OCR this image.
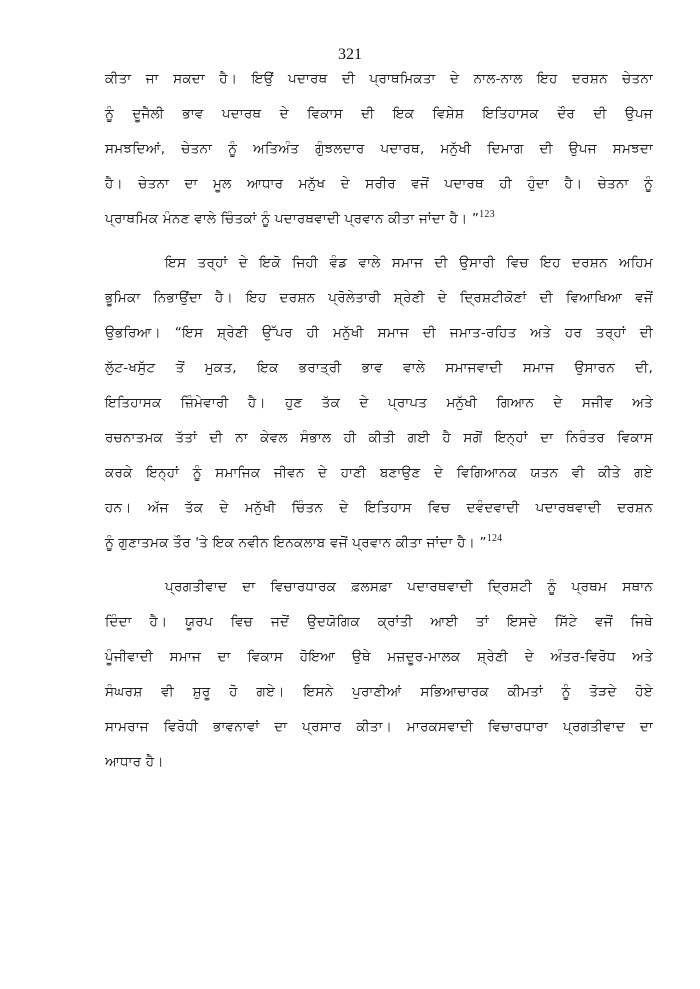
321
ਕੀਤਾ ਜਾ ਸਕਦਾ ਹੈ। ਇਉਂ ਪਦਾਰਥ ਦੀ ਪ੍ਰਾਥਮਿਕਤਾ ਦੇ ਨਾਲ-ਨਾਲ ਇਹ ਦਰਸ਼ਨ ਚੇਤਨਾ
ਨੂੰ ਦੂਜੈਲੀ ਭਾਵ ਪਦਾਰਥ ਦੇ ਵਿਕਾਸ ਦੀ ਇਕ ਵਿਸ਼ੇਸ਼ ਇਤਿਹਾਸਕ ਦੌਰ ਦੀ ਉਪਜ
ਸਮਝਦਿਆਂ, ਚੇਤਨਾ ਨੂੰ ਅਤਿਅੰਤ ਗੁੰਝਲਦਾਰ ਪਦਾਰਥ, ਮਨੁੱਖੀ ਦਿਮਾਗ ਦੀ ਉਪਜ ਸਮਝਦਾ
ਹੈ। ਚੇਤਨਾ ਦਾ ਮੂਲ ਆਧਾਰ ਮਨੁੱਖ ਦੇ ਸਰੀਰ ਵਜੋਂ ਪਦਾਰਥ ਹੀ ਹੁੰਦਾ ਹੈ। ਚੇਤਨਾ ਨੂੰ
ਪ੍ਰਾਥਮਿਕ ਮੰਨਣ ਵਾਲੇ ਚਿੰਤਕਾਂ ਨੂੰ ਪਦਾਰਥਵਾਦੀ ਪ੍ਰਵਾਨ ਕੀਤਾ ਜਾਂਦਾ ਹੈ। ”$^{123}$
ਇਸ ਤਰ੍ਹਾਂ ਦੇ ਇਕੋ ਜਿਹੀ ਵੰਡ ਵਾਲੇ ਸਮਾਜ ਦੀ ਉਸਾਰੀ ਵਿਚ ਇਹ ਦਰਸ਼ਨ ਅਹਿਮ
ਭੂਮਿਕਾ ਨਿਭਾਉਂਦਾ ਹੈ। ਇਹ ਦਰਸ਼ਨ ਪ੍ਰੋਲੇਤਾਰੀ ਸ਼੍ਰੇਣੀ ਦੇ ਦ੍ਰਿਸ਼ਟੀਕੋਣਾਂ ਦੀ ਵਿਆਖਿਆ ਵਜੋਂ
ਉਭਰਿਆ। “ਇਸ ਸ਼੍ਰੇਣੀ ਉੱਪਰ ਹੀ ਮਨੁੱਖੀ ਸਮਾਜ ਦੀ ਜਮਾਤ-ਰਹਿਤ ਅਤੇ ਹਰ ਤਰ੍ਹਾਂ ਦੀ
ਲੁੱਟ-ਖਸੁੱਟ ਤੋਂ ਮੁਕਤ, ਇਕ ਭਰਾਤ੍ਰੀ ਭਾਵ ਵਾਲੇ ਸਮਾਜਵਾਦੀ ਸਮਾਜ ਉਸਾਰਨ ਦੀ,
ਇਤਿਹਾਸਕ ਜ਼ਿੰਮੇਵਾਰੀ ਹੈ। ਹੁਣ ਤੱਕ ਦੇ ਪ੍ਰਾਪਤ ਮਨੁੱਖੀ ਗਿਆਨ ਦੇ ਸਜੀਵ ਅਤੇ
ਰਚਨਾਤਮਕ ਤੱਤਾਂ ਦੀ ਨਾ ਕੇਵਲ ਸੰਭਾਲ ਹੀ ਕੀਤੀ ਗਈ ਹੈ ਸਗੋਂ ਇਨ੍ਹਾਂ ਦਾ ਨਿਰੰਤਰ ਵਿਕਾਸ
ਕਰਕੇ ਇਨ੍ਹਾਂ ਨੂੰ ਸਮਾਜਿਕ ਜੀਵਨ ਦੇ ਹਾਣੀ ਬਣਾਉਣ ਦੇ ਵਿਗਿਆਨਕ ਯਤਨ ਵੀ ਕੀਤੇ ਗਏ
ਹਨ। ਅੱਜ ਤੱਕ ਦੇ ਮਨੁੱਖੀ ਚਿੰਤਨ ਦੇ ਇਤਿਹਾਸ ਵਿਚ ਦਵੰਦਵਾਦੀ ਪਦਾਰਥਵਾਦੀ ਦਰਸ਼ਨ
ਨੂੰ ਗੁਣਾਤਮਕ ਤੌਰ 'ਤੇ ਇਕ ਨਵੀਨ ਇਨਕਲਾਬ ਵਜੋਂ ਪ੍ਰਵਾਨ ਕੀਤਾ ਜਾਂਦਾ ਹੈ। ”$^{124}$
ਪ੍ਰਗਤੀਵਾਦ ਦਾ ਵਿਚਾਰਧਾਰਕ ਫ਼ਲਸਫ਼ਾ ਪਦਾਰਥਵਾਦੀ ਦ੍ਰਿਸ਼ਟੀ ਨੂੰ ਪ੍ਰਥਮ ਸਥਾਨ
ਦਿੰਦਾ ਹੈ। ਯੂਰਪ ਵਿਚ ਜਦੋਂ ਉਦਯੋਗਿਕ ਕ੍ਰਾਂਤੀ ਆਈ ਤਾਂ ਇਸਦੇ ਸਿੱਟੇ ਵਜੋਂ ਜਿਥੇ
ਪੂੰਜੀਵਾਦੀ ਸਮਾਜ ਦਾ ਵਿਕਾਸ ਹੋਇਆ ਉਥੇ ਮਜ਼ਦੂਰ-ਮਾਲਕ ਸ਼੍ਰੇਣੀ ਦੇ ਅੰਤਰ-ਵਿਰੋਧ ਅਤੇ
ਸੰਘਰਸ਼ ਵੀ ਸ਼ੁਰੂ ਹੋ ਗਏ। ਇਸਨੇ ਪੁਰਾਣੀਆਂ ਸਭਿਆਚਾਰਕ ਕੀਮਤਾਂ ਨੂੰ ਤੋੜਦੇ ਹੋਏ
ਸਾਮਰਾਜ ਵਿਰੋਧੀ ਭਾਵਨਾਵਾਂ ਦਾ ਪ੍ਰਸਾਰ ਕੀਤਾ। ਮਾਰਕਸਵਾਦੀ ਵਿਚਾਰਧਾਰਾ ਪ੍ਰਗਤੀਵਾਦ ਦਾ
ਆਧਾਰ ਹੈ।
